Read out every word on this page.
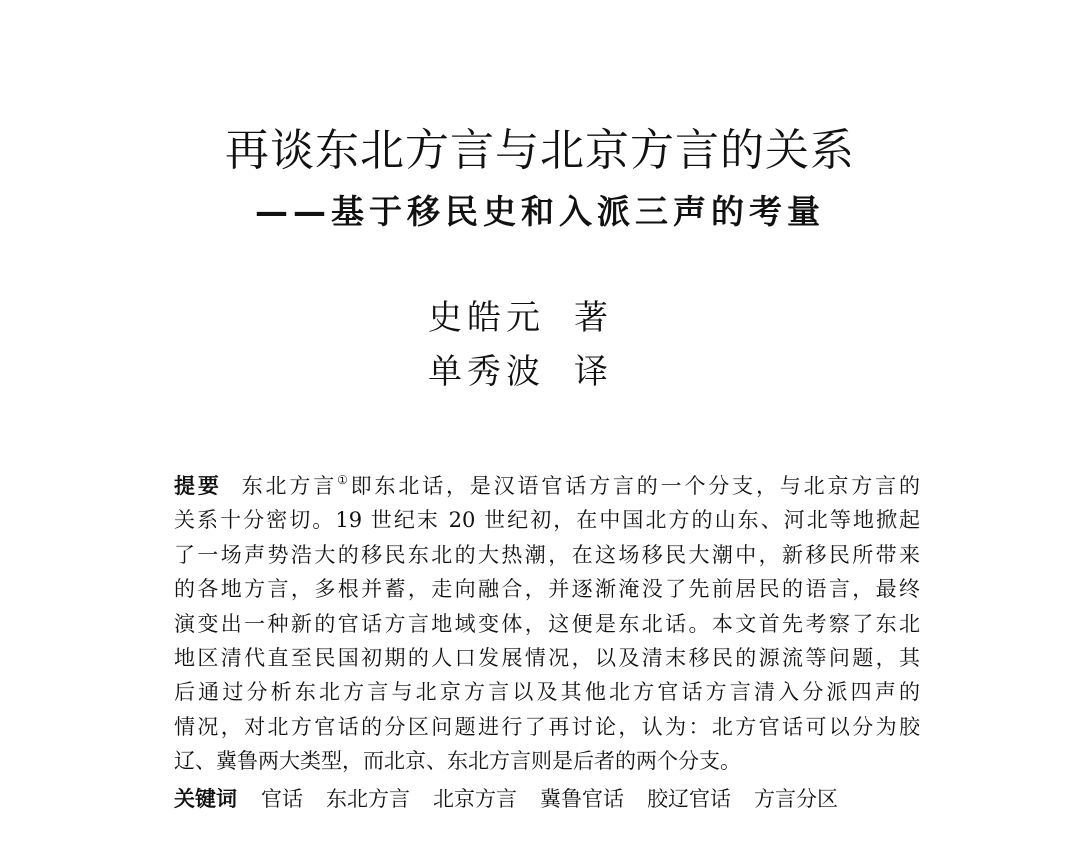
再谈东北方言与北京方言的关系
——基于移民史和入派三声的考量
史皓元 著
单秀波 译
提要 东北方言①即东北话，是汉语官话方言的一个分支，与北京方言的
关系十分密切。19 世纪末 20 世纪初，在中国北方的山东、河北等地掀起
了一场声势浩大的移民东北的大热潮，在这场移民大潮中，新移民所带来
的各地方言，多根并蓄，走向融合，并逐渐淹没了先前居民的语言，最终
演变出一种新的官话方言地域变体，这便是东北话。本文首先考察了东北
地区清代直至民国初期的人口发展情况，以及清末移民的源流等问题，其
后通过分析东北方言与北京方言以及其他北方官话方言清入分派四声的
情况，对北方官话的分区问题进行了再讨论，认为：北方官话可以分为胶
辽、冀鲁两大类型，而北京、东北方言则是后者的两个分支。
关键词 官话 东北方言 北京方言 冀鲁官话 胶辽官话 方言分区
